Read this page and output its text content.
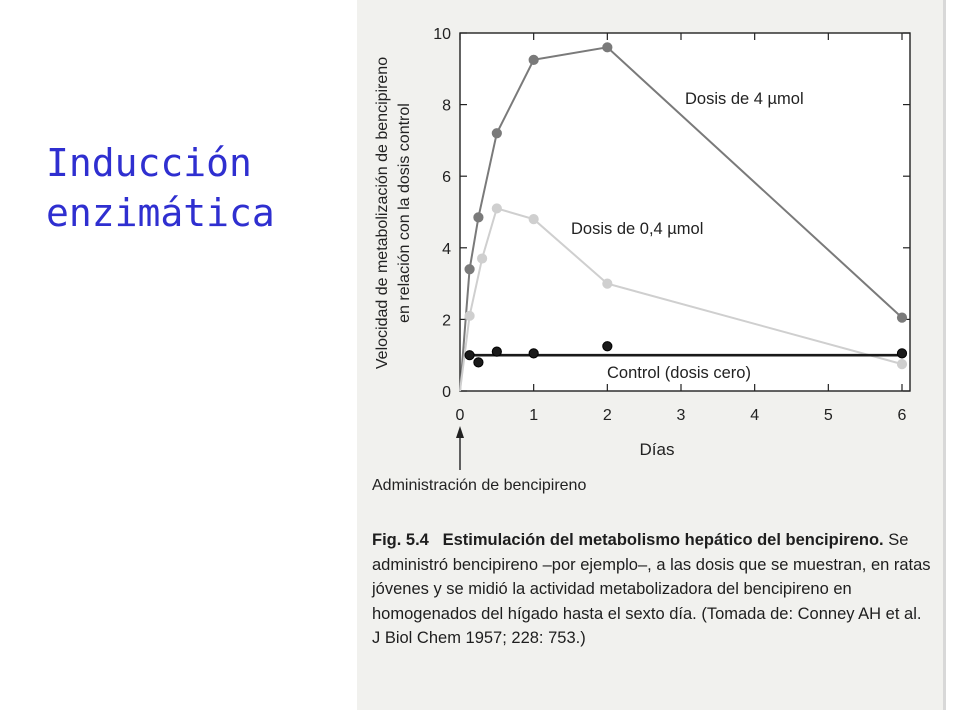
Inducción
enzimática
0	1	2	3	4	5	6
0
2
4
6
8
10
Velocidad de metabolización de bencipireno en relación con la dosis control
Días
Dosis de 4 µmol
Dosis de 0,4 µmol
Control (dosis cero)
Administración de bencipireno
Fig. 5.4 Estimulación del metabolismo hepático del bencipireno. Se administró bencipireno –por ejemplo–, a las dosis que se muestran, en ratas jóvenes y se midió la actividad metabolizadora del bencipireno en homogenados del hígado hasta el sexto día. (Tomada de: Conney AH et al. J Biol Chem 1957; 228: 753.)
